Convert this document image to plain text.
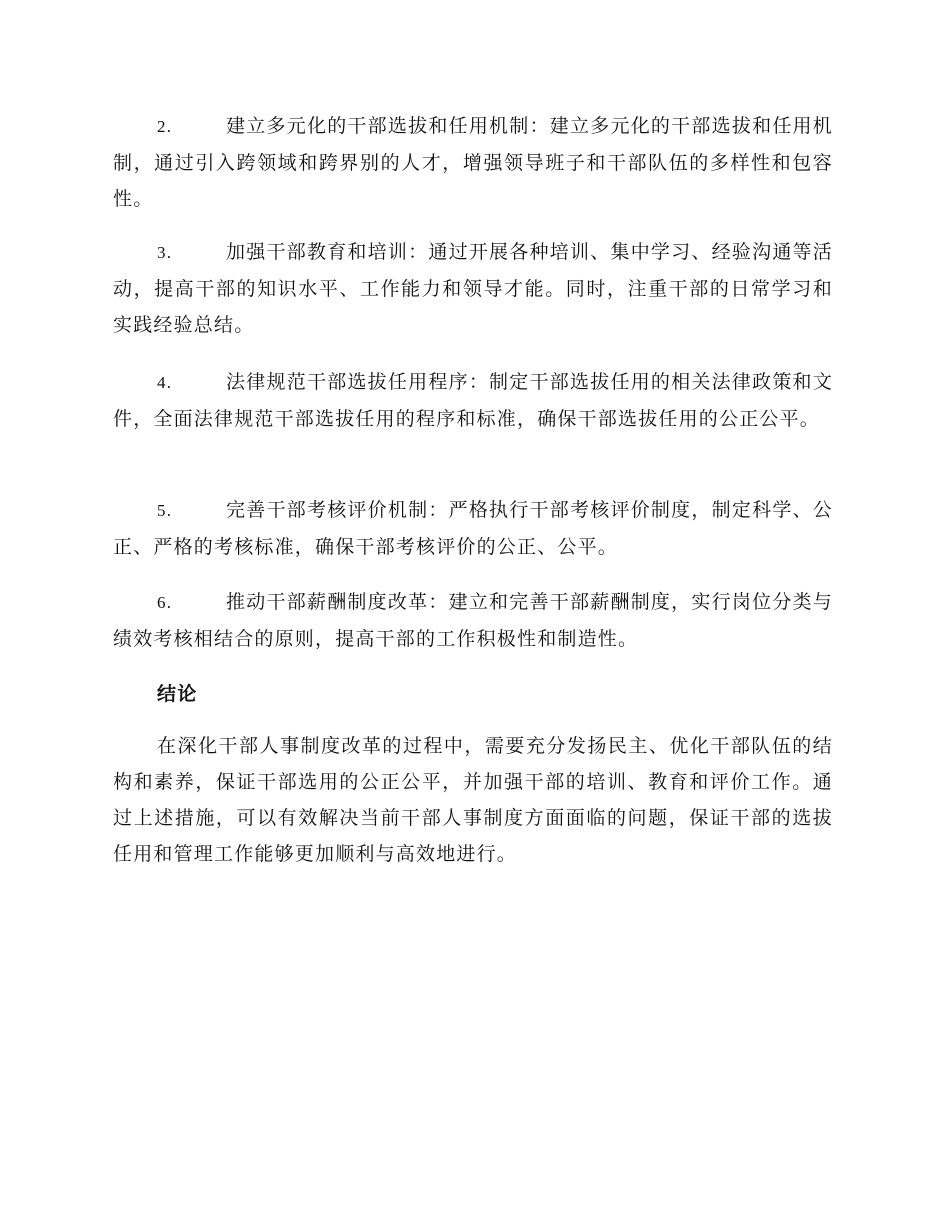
2.	建立多元化的干部选拔和任用机制：建立多元化的干部选拔和任用机制，通过引入跨领域和跨界别的人才，增强领导班子和干部队伍的多样性和包容性。

3.	加强干部教育和培训：通过开展各种培训、集中学习、经验沟通等活动，提高干部的知识水平、工作能力和领导才能。同时，注重干部的日常学习和实践经验总结。

4.	法律规范干部选拔任用程序：制定干部选拔任用的相关法律政策和文件，全面法律规范干部选拔任用的程序和标准，确保干部选拔任用的公正公平。

5.	完善干部考核评价机制：严格执行干部考核评价制度，制定科学、公正、严格的考核标准，确保干部考核评价的公正、公平。

6.	推动干部薪酬制度改革：建立和完善干部薪酬制度，实行岗位分类与绩效考核相结合的原则，提高干部的工作积极性和制造性。

结论

在深化干部人事制度改革的过程中，需要充分发扬民主、优化干部队伍的结构和素养，保证干部选用的公正公平，并加强干部的培训、教育和评价工作。通过上述措施，可以有效解决当前干部人事制度方面面临的问题，保证干部的选拔任用和管理工作能够更加顺利与高效地进行。
